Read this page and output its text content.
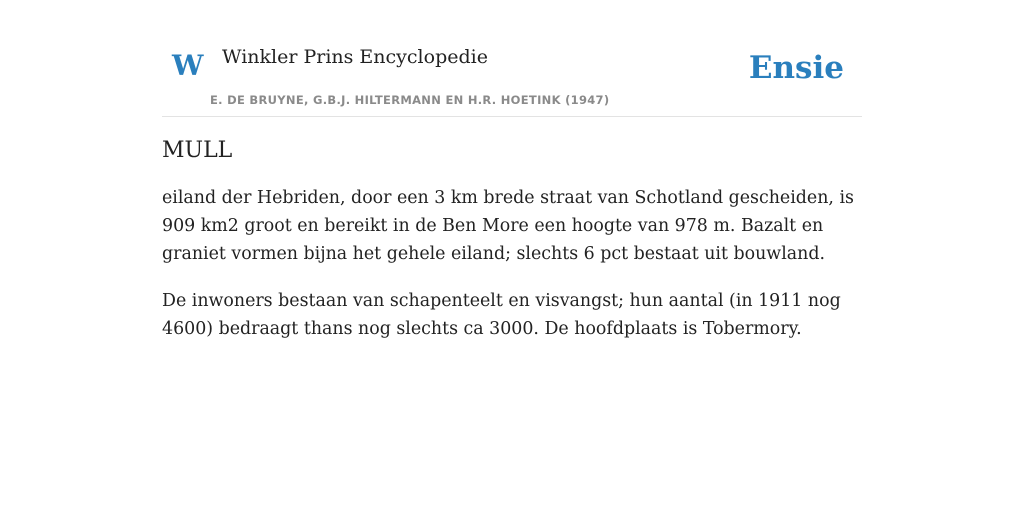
W Winkler Prins Encyclopedie
E. DE BRUYNE, G.B.J. HILTERMANN EN H.R. HOETINK (1947)
Ensie
MULL

eiland der Hebriden, door een 3 km brede straat van Schotland gescheiden, is 909 km2 groot en bereikt in de Ben More een hoogte van 978 m. Bazalt en graniet vormen bijna het gehele eiland; slechts 6 pct bestaat uit bouwland.

De inwoners bestaan van schapenteelt en visvangst; hun aantal (in 1911 nog 4600) bedraagt thans nog slechts ca 3000. De hoofdplaats is Tobermory.
